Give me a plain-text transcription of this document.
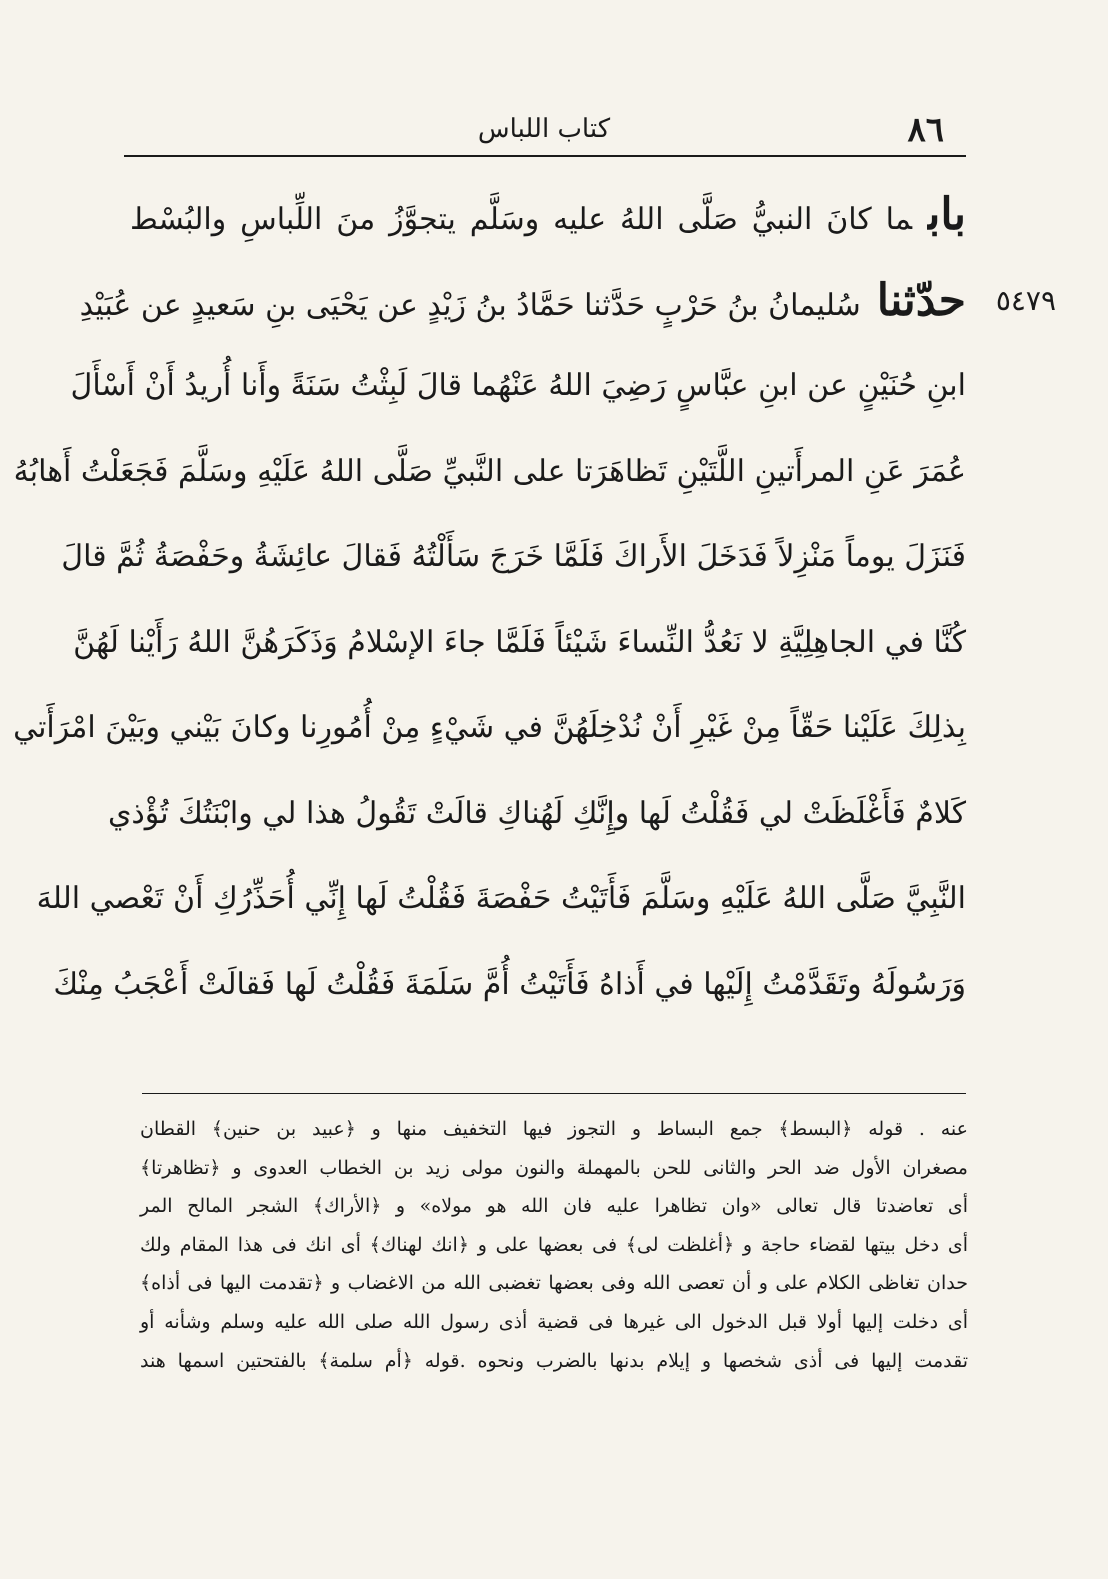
٨٦
كتاب اللباس
٥٤٧٩
بابما كانَ النبيُّ صَلَّى اللهُ عليه وسَلَّم يتجوَّزُ منَ اللِّباسِ والبُسْط
حدّثناسُليمانُ بنُ حَرْبٍ حَدَّثنا حَمَّادُ بنُ زَيْدٍ عن يَحْيَى بنِ سَعيدٍ عن عُبَيْدِ
ابنِ حُنَيْنٍ عن ابنِ عبَّاسٍ رَضِيَ اللهُ عَنْهُما قالَ لَبِثْتُ سَنَةً وأَنا أُريدُ أَنْ أَسْأَلَ
عُمَرَ عَنِ المرأَتينِ اللَّتَيْنِ تَظاهَرَتا على النَّبيِّ صَلَّى اللهُ عَلَيْهِ وسَلَّمَ فَجَعَلْتُ أَهابُهُ
فَنَزَلَ يوماً مَنْزِلاً فَدَخَلَ الأَراكَ فَلَمَّا خَرَجَ سَأَلْتُهُ فَقالَ عائِشَةُ وحَفْصَةُ ثُمَّ قالَ
كُنَّا في الجاهِلِيَّةِ لا نَعُدُّ النِّساءَ شَيْئاً فَلَمَّا جاءَ الإسْلامُ وَذَكَرَهُنَّ اللهُ رَأَيْنا لَهُنَّ
بِذلِكَ عَلَيْنا حَقّاً مِنْ غَيْرِ أَنْ نُدْخِلَهُنَّ في شَيْءٍ مِنْ أُمُورِنا وكانَ بَيْني وبَيْنَ امْرَأَتي
كَلامٌ فَأَغْلَظَتْ لي فَقُلْتُ لَها وإِنَّكِ لَهُناكِ قالَتْ تَقُولُ هذا لي وابْنَتُكَ تُؤْذي
النَّبِيَّ صَلَّى اللهُ عَلَيْهِ وسَلَّمَ فَأَتَيْتُ حَفْصَةَ فَقُلْتُ لَها إِنِّي أُحَذِّرُكِ أَنْ تَعْصي اللهَ
وَرَسُولَهُ وتَقَدَّمْتُ إِلَيْها في أَذاهُ فَأَتَيْتُ أُمَّ سَلَمَةَ فَقُلْتُ لَها فَقالَتْ أَعْجَبُ مِنْكَ
عنه . قوله ﴿البسط﴾ جمع البساط و التجوز فيها التخفيف منها و ﴿عبيد بن حنين﴾ القطان
مصغران الأول ضد الحر والثانى للحن بالمهملة والنون مولى زيد بن الخطاب العدوى و ﴿تظاهرتا﴾
أى تعاضدتا قال تعالى «وان تظاهرا عليه فان الله هو مولاه» و ﴿الأراك﴾ الشجر المالح المر
أى دخل بيتها لقضاء حاجة و ﴿أغلظت لى﴾ فى بعضها على و ﴿انك لهناك﴾ أى انك فى هذا المقام ولك
حدان تغاظى الكلام على و أن تعصى الله وفى بعضها تغضبى الله من الاغضاب و ﴿تقدمت اليها فى أذاه﴾
أى دخلت إليها أولا قبل الدخول الى غيرها فى قضية أذى رسول الله صلى الله عليه وسلم وشأنه أو
تقدمت إليها فى أذى شخصها و إيلام بدنها بالضرب ونحوه .قوله ﴿أم سلمة﴾ بالفتحتين اسمها هند
